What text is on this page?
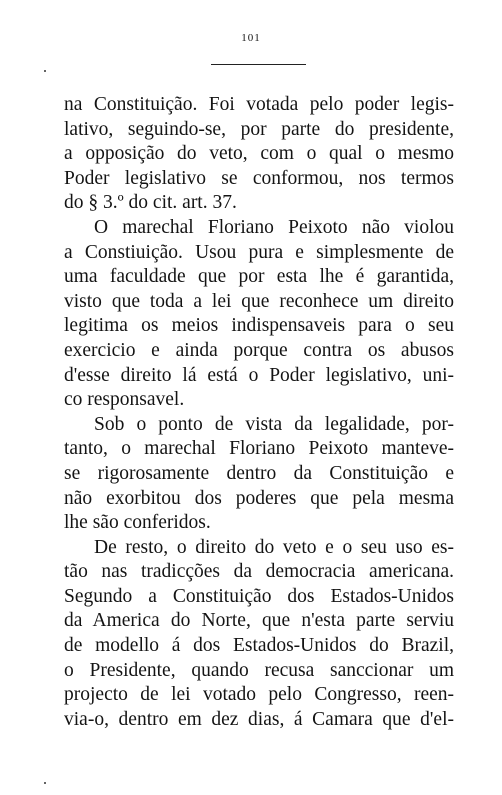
101
na Constituição. Foi votada pelo poder legis-
lativo, seguindo-se, por parte do presidente,
a opposição do veto, com o qual o mesmo
Poder legislativo se conformou, nos termos
do § 3.º do cit. art. 37.
O marechal Floriano Peixoto não violou
a Constiuição. Usou pura e simplesmente de
uma faculdade que por esta lhe é garantida,
visto que toda a lei que reconhece um direito
legitima os meios indispensaveis para o seu
exercicio e ainda porque contra os abusos
d'esse direito lá está o Poder legislativo, uni-
co responsavel.
Sob o ponto de vista da legalidade, por-
tanto, o marechal Floriano Peixoto manteve-
se rigorosamente dentro da Constituição e
não exorbitou dos poderes que pela mesma
lhe são conferidos.
De resto, o direito do veto e o seu uso es-
tão nas tradicções da democracia americana.
Segundo a Constituição dos Estados-Unidos
da America do Norte, que n'esta parte serviu
de modello á dos Estados-Unidos do Brazil,
o Presidente, quando recusa sanccionar um
projecto de lei votado pelo Congresso, reen-
via-o, dentro em dez dias, á Camara que d'el-
